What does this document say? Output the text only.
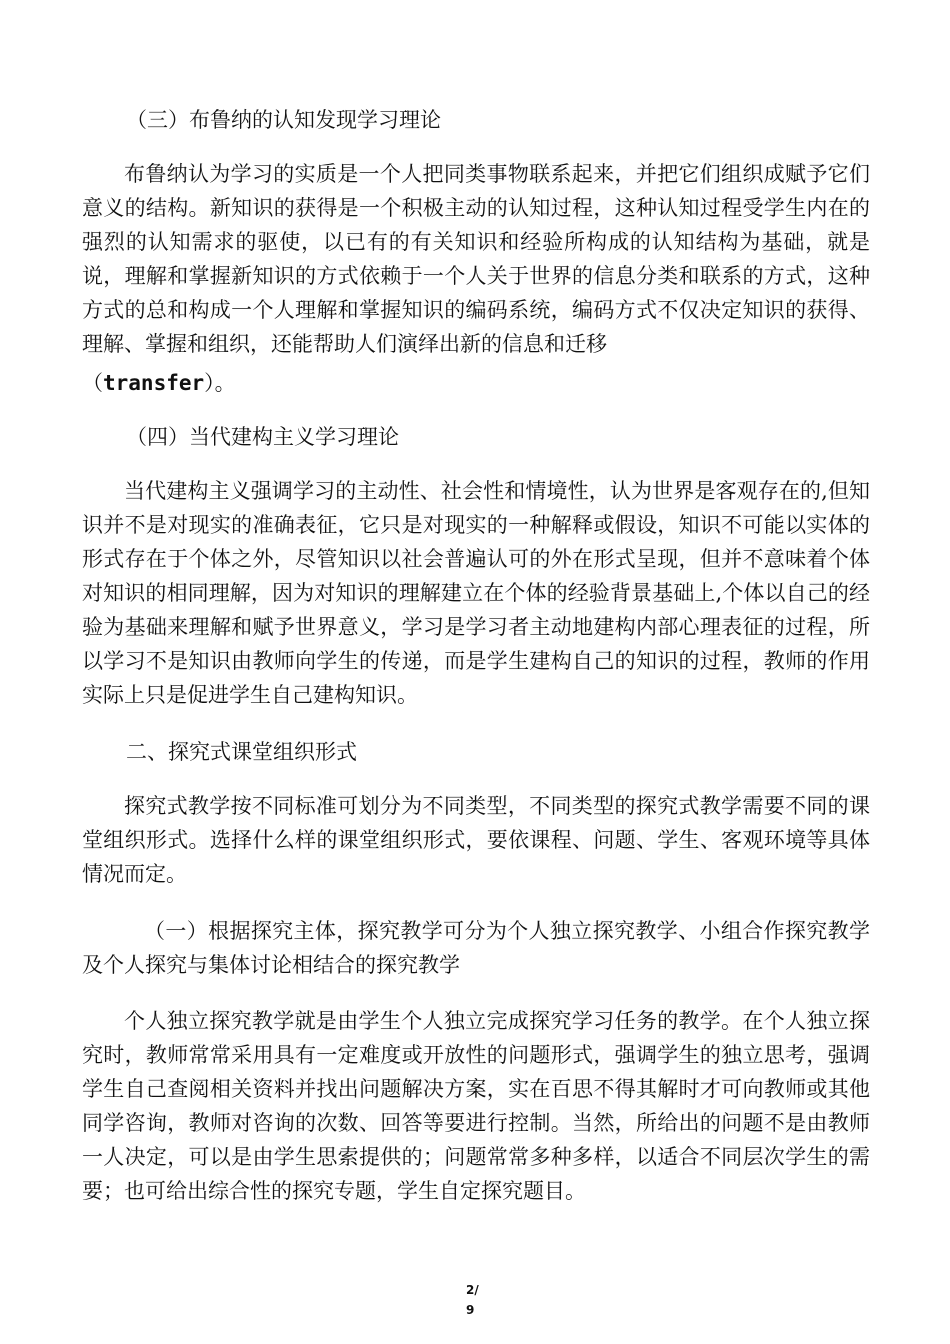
（三）布鲁纳的认知发现学习理论

布鲁纳认为学习的实质是一个人把同类事物联系起来，并把它们组织成赋予它们意义的结构。新知识的获得是一个积极主动的认知过程，这种认知过程受学生内在的强烈的认知需求的驱使，以已有的有关知识和经验所构成的认知结构为基础，就是说，理解和掌握新知识的方式依赖于一个人关于世界的信息分类和联系的方式，这种方式的总和构成一个人理解和掌握知识的编码系统，编码方式不仅决定知识的获得、理解、掌握和组织，还能帮助人们演绎出新的信息和迁移

（transfer）。

（四）当代建构主义学习理论

当代建构主义强调学习的主动性、社会性和情境性，认为世界是客观存在的,但知识并不是对现实的准确表征，它只是对现实的一种解释或假设，知识不可能以实体的形式存在于个体之外，尽管知识以社会普遍认可的外在形式呈现，但并不意味着个体对知识的相同理解，因为对知识的理解建立在个体的经验背景基础上,个体以自己的经验为基础来理解和赋予世界意义，学习是学习者主动地建构内部心理表征的过程，所以学习不是知识由教师向学生的传递，而是学生建构自己的知识的过程，教师的作用实际上只是促进学生自己建构知识。

二、探究式课堂组织形式

探究式教学按不同标准可划分为不同类型，不同类型的探究式教学需要不同的课堂组织形式。选择什么样的课堂组织形式，要依课程、问题、学生、客观环境等具体情况而定。

（一）根据探究主体，探究教学可分为个人独立探究教学、小组合作探究教学及个人探究与集体讨论相结合的探究教学

个人独立探究教学就是由学生个人独立完成探究学习任务的教学。在个人独立探究时，教师常常采用具有一定难度或开放性的问题形式，强调学生的独立思考，强调学生自己查阅相关资料并找出问题解决方案，实在百思不得其解时才可向教师或其他同学咨询，教师对咨询的次数、回答等要进行控制。当然，所给出的问题不是由教师一人决定，可以是由学生思索提供的；问题常常多种多样，以适合不同层次学生的需要；也可给出综合性的探究专题，学生自定探究题目。

2/
9
